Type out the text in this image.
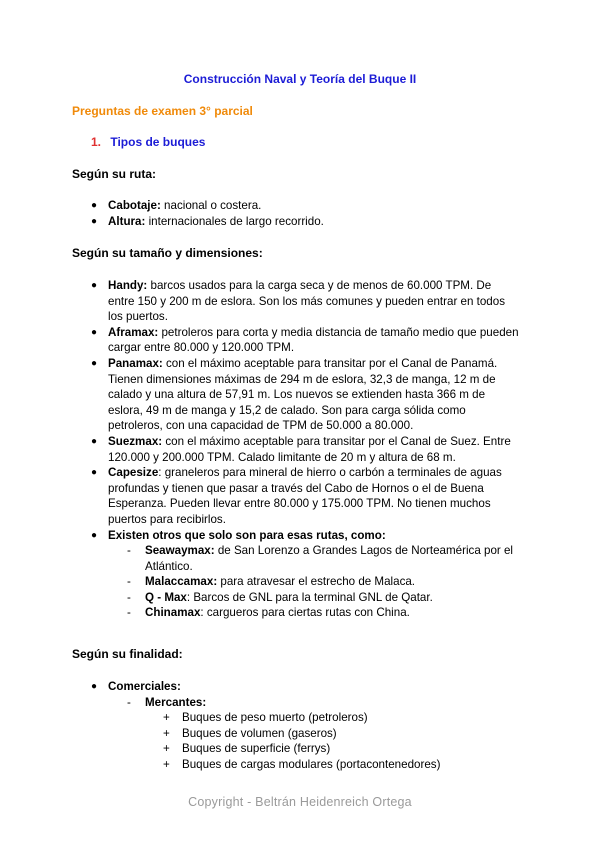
Construcción Naval y Teoría del Buque II
Preguntas de examen 3° parcial
1. Tipos de buques
Según su ruta:
● Cabotaje: nacional o costera.
● Altura: internacionales de largo recorrido.
Según su tamaño y dimensiones:
● Handy: barcos usados para la carga seca y de menos de 60.000 TPM. De entre 150 y 200 m de eslora. Son los más comunes y pueden entrar en todos los puertos.
● Aframax: petroleros para corta y media distancia de tamaño medio que pueden cargar entre 80.000 y 120.000 TPM.
● Panamax: con el máximo aceptable para transitar por el Canal de Panamá. Tienen dimensiones máximas de 294 m de eslora, 32,3 de manga, 12 m de calado y una altura de 57,91 m. Los nuevos se extienden hasta 366 m de eslora, 49 m de manga y 15,2 de calado. Son para carga sólida como petroleros, con una capacidad de TPM de 50.000 a 80.000.
● Suezmax: con el máximo aceptable para transitar por el Canal de Suez. Entre 120.000 y 200.000 TPM. Calado limitante de 20 m y altura de 68 m.
● Capesize: graneleros para mineral de hierro o carbón a terminales de aguas profundas y tienen que pasar a través del Cabo de Hornos o el de Buena Esperanza. Pueden llevar entre 80.000 y 175.000 TPM. No tienen muchos puertos para recibirlos.
● Existen otros que solo son para esas rutas, como:
- Seawaymax: de San Lorenzo a Grandes Lagos de Norteamérica por el Atlántico.
- Malaccamax: para atravesar el estrecho de Malaca.
- Q - Max: Barcos de GNL para la terminal GNL de Qatar.
- Chinamax: cargueros para ciertas rutas con China.
Según su finalidad:
● Comerciales:
- Mercantes:
+ Buques de peso muerto (petroleros)
+ Buques de volumen (gaseros)
+ Buques de superficie (ferrys)
+ Buques de cargas modulares (portacontenedores)
Copyright - Beltrán Heidenreich Ortega
